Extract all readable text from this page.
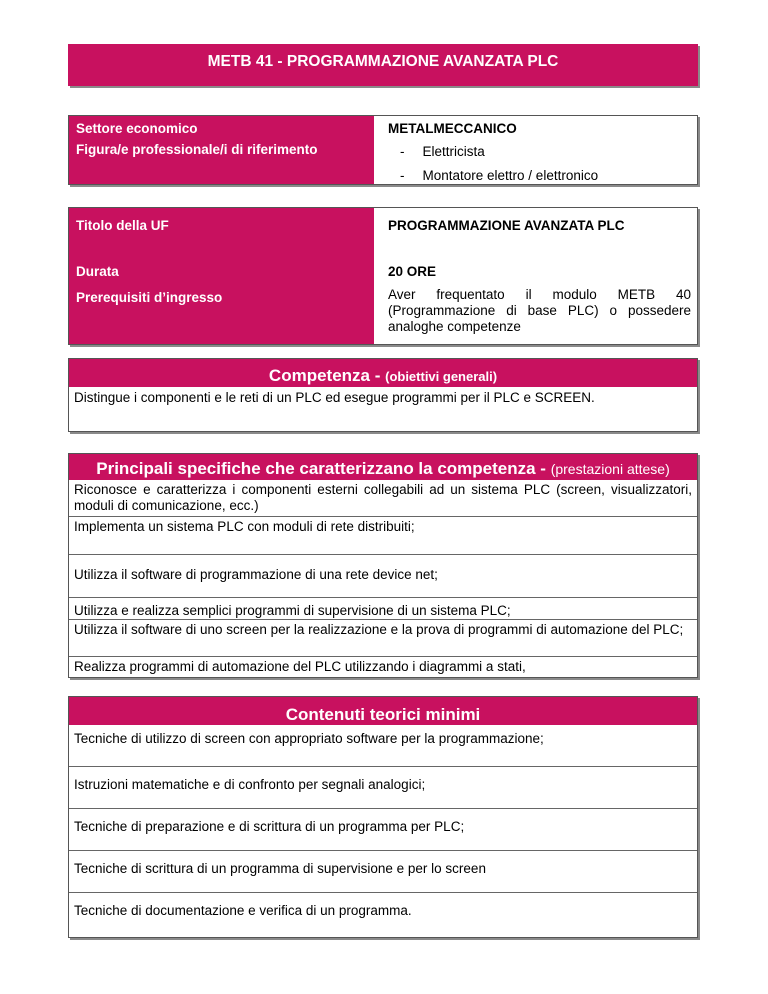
METB 41 - PROGRAMMAZIONE AVANZATA PLC
Settore economico
Figura/e professionale/i di riferimento
METALMECCANICO
- Elettricista
- Montatore elettro / elettronico
Titolo della UF
Durata
Prerequisiti d’ingresso
PROGRAMMAZIONE AVANZATA PLC
20 ORE
Aver frequentato il modulo METB 40 (Programmazione di base PLC) o possedere analoghe competenze
Competenza - (obiettivi generali)
Distingue i componenti e le reti di un PLC ed esegue programmi per il PLC e SCREEN.
Principali specifiche che caratterizzano la competenza - (prestazioni attese)
Riconosce e caratterizza i componenti esterni collegabili ad un sistema PLC (screen, visualizzatori, moduli di comunicazione, ecc.)
Implementa un sistema PLC con moduli di rete distribuiti;
Utilizza il software di programmazione di una rete device net;
Utilizza e realizza semplici programmi di supervisione di un sistema PLC;
Utilizza il software di uno screen per la realizzazione e la prova di programmi di automazione del PLC;
Realizza programmi di automazione del PLC utilizzando i diagrammi a stati,
Contenuti teorici minimi
Tecniche di utilizzo di screen con appropriato software per la programmazione;
Istruzioni matematiche e di confronto per segnali analogici;
Tecniche di preparazione e di scrittura di un programma per PLC;
Tecniche di scrittura di un programma di supervisione e per lo screen
Tecniche di documentazione e verifica di un programma.
